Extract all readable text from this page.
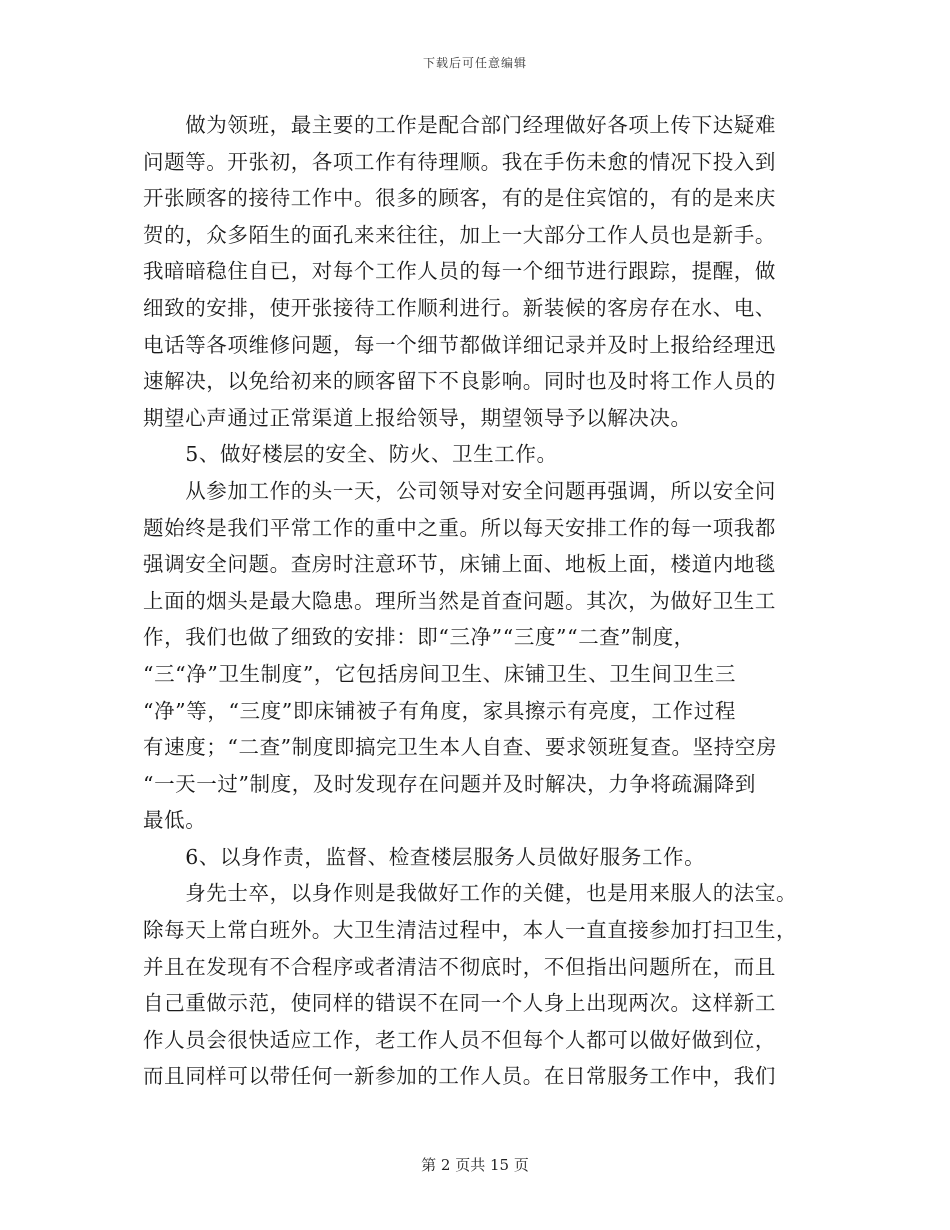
下载后可任意编辑
　　做为领班，最主要的工作是配合部门经理做好各项上传下达疑难
问题等。开张初，各项工作有待理顺。我在手伤未愈的情况下投入到
开张顾客的接待工作中。很多的顾客，有的是住宾馆的，有的是来庆
贺的，众多陌生的面孔来来往往，加上一大部分工作人员也是新手。
我暗暗稳住自已，对每个工作人员的每一个细节进行跟踪，提醒，做
细致的安排，使开张接待工作顺利进行。新装候的客房存在水、电、
电话等各项维修问题，每一个细节都做详细记录并及时上报给经理迅
速解决，以免给初来的顾客留下不良影响。同时也及时将工作人员的
期望心声通过正常渠道上报给领导，期望领导予以解决决。
　　5、做好楼层的安全、防火、卫生工作。
　　从参加工作的头一天，公司领导对安全问题再强调，所以安全问
题始终是我们平常工作的重中之重。所以每天安排工作的每一项我都
强调安全问题。查房时注意环节，床铺上面、地板上面，楼道内地毯
上面的烟头是最大隐患。理所当然是首查问题。其次，为做好卫生工
作，我们也做了细致的安排：即“三净”“三度”“二查”制度，
“三“净”卫生制度”，它包括房间卫生、床铺卫生、卫生间卫生三
“净”等，“三度”即床铺被子有角度，家具擦示有亮度，工作过程
有速度；“二查”制度即搞完卫生本人自查、要求领班复查。坚持空房
“一天一过”制度，及时发现存在问题并及时解决，力争将疏漏降到
最低。
　　6、以身作责，监督、检查楼层服务人员做好服务工作。
　　身先士卒，以身作则是我做好工作的关健，也是用来服人的法宝。
除每天上常白班外。大卫生清洁过程中，本人一直直接参加打扫卫生，
并且在发现有不合程序或者清洁不彻底时，不但指出问题所在，而且
自己重做示范，使同样的错误不在同一个人身上出现两次。这样新工
作人员会很快适应工作，老工作人员不但每个人都可以做好做到位，
而且同样可以带任何一新参加的工作人员。在日常服务工作中，我们
第 2 页共 15 页
